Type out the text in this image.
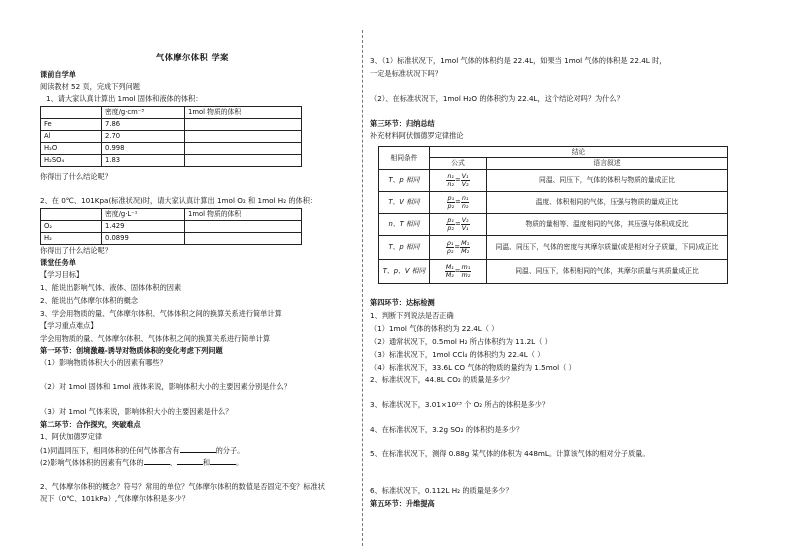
气体摩尔体积 学案
课前自学单
阅读教材 52 页，完成下列问题
1、请大家认真计算出 1mol 固体和液体的体积：
	密度/g·cm⁻³	1mol 物质的体积
Fe	7.86	
Al	2.70	
H₂O	0.998	
H₂SO₄	1.83	
你得出了什么结论呢？
2、在 0℃、101Kpa(标准状况)时，请大家认真计算出 1mol O₂ 和 1mol H₂ 的体积：
	密度/g·L⁻¹	1mol 物质的体积
O₂	1.429	
H₂	0.0899	
你得出了什么结论呢？
课堂任务单
【学习目标】
1、能说出影响气体、液体、固体体积的因素
2、能说出气体摩尔体积的概念
3、学会用物质的量、气体摩尔体积、气体体积之间的换算关系进行简单计算
【学习重点难点】
学会用物质的量、气体摩尔体积、气体体积之间的换算关系进行简单计算
第一环节：创境激趣-诱导对物质体积的变化考虑下列问题
（1）影响物质体积大小的因素有哪些？
（2）对 1mol 固体和 1mol 液体来说，影响体积大小的主要因素分别是什么？
（3）对 1mol 气体来说，影响体积大小的主要因素是什么？
第二环节：合作探究，突破难点
1、阿伏加德罗定律
(1)同温同压下，相同体积的任何气体都含有	的分子。
(2)影响气体体积的因素有气体的	、	和	。
2、气体摩尔体积的概念？符号？常用的单位？气体摩尔体积的数值是否固定不变？标准状
况下（0℃、101kPa）,气体摩尔体积是多少？
3、（1）标准状况下，1mol 气体的体积约是 22.4L，如果当 1mol 气体的体积是 22.4L 时，
一定是标准状况下吗？
（2）、在标准状况下，1mol H₂O 的体积约为 22.4L，这个结论对吗？为什么？
第三环节：归纳总结
补充材料阿伏伽德罗定律推论
相同条件	结论	
	公式	语言叙述
T、p 相同	$\frac{\text{n₁}}{\text{n₂}} = \frac{\text{V₁}}{\text{V₂}}$	同温、同压下，气体的体积与物质的量成正比
T、V 相同	$\frac{\text{p₁}}{\text{p₂}} = \frac{\text{n₁}}{\text{n₂}}$	温度、体积相同的气体，压强与物质的量成正比
n、T 相同	$\frac{\text{p₁}}{\text{p₂}} = \frac{\text{V₂}}{\text{V₁}}$	物质的量相等、温度相同的气体，其压强与体积成反比
T、p 相同	$\frac{\text{ρ₁}}{\text{ρ₂}} = \frac{\text{M₁}}{\text{M₂}}$	同温、同压下，气体的密度与其摩尔质量(或是相对分子质量，下同)成正比
T、p、V 相同	$\frac{\text{M₁}}{\text{M₂}} = \frac{\text{m₁}}{\text{m₂}}$	同温、同压下，体积相同的气体，其摩尔质量与其质量成正比
第四环节：达标检测
1、判断下列说法是否正确
（1）1mol 气体的体积约为 22.4L（ ）
（2）通常状况下，0.5mol H₂ 所占体积约为 11.2L（ ）
（3）标准状况下，1mol CCl₄ 的体积约为 22.4L（ ）
（4）标准状况下，33.6L CO 气体的物质的量约为 1.5mol（ ）
2、标准状况下，44.8L CO₂ 的质量是多少？
3、标准状况下，3.01×10²³ 个 O₂ 所占的体积是多少？
4、在标准状况下，3.2g SO₂ 的体积约是多少？
5、在标准状况下，测得 0.88g 某气体的体积为 448mL。计算该气体的相对分子质量。
6、标准状况下，0.112L H₂ 的质量是多少？
第五环节：升维提高
